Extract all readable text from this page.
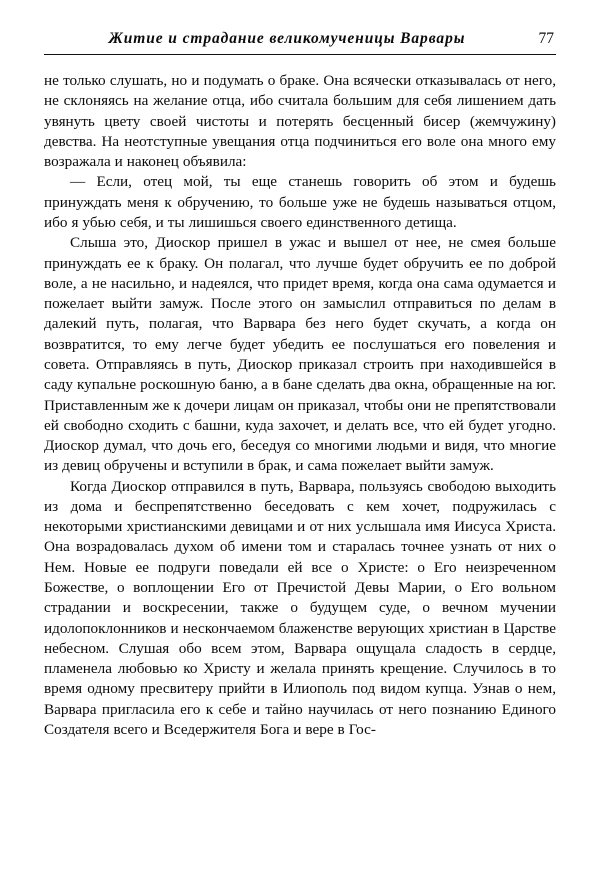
Житие и страдание великомученицы Варвары	77

не только слушать, но и подумать о браке. Она всячески отказывалась от него, не склоняясь на желание отца, ибо считала большим для себя лишением дать увянуть цвету своей чистоты и потерять бесценный бисер (жемчужину) девства. На неотступные увещания отца подчиниться его воле она много ему возражала и наконец объявила:

— Если, отец мой, ты еще станешь говорить об этом и будешь принуждать меня к обручению, то больше уже не будешь называться отцом, ибо я убью себя, и ты лишишься своего единственного детища.

Слыша это, Диоскор пришел в ужас и вышел от нее, не смея больше принуждать ее к браку. Он полагал, что лучше будет обручить ее по доброй воле, а не насильно, и надеялся, что придет время, когда она сама одумается и пожелает выйти замуж. После этого он замыслил отправиться по делам в далекий путь, полагая, что Варвара без него будет скучать, а когда он возвратится, то ему легче будет убедить ее послушаться его повеления и совета. Отправляясь в путь, Диоскор приказал строить при находившейся в саду купальне роскошную баню, а в бане сделать два окна, обращенные на юг. Приставленным же к дочери лицам он приказал, чтобы они не препятствовали ей свободно сходить с башни, куда захочет, и делать все, что ей будет угодно. Диоскор думал, что дочь его, беседуя со многими людьми и видя, что многие из девиц обручены и вступили в брак, и сама пожелает выйти замуж.

Когда Диоскор отправился в путь, Варвара, пользуясь свободою выходить из дома и беспрепятственно беседовать с кем хочет, подружилась с некоторыми христианскими девицами и от них услышала имя Иисуса Христа. Она возрадовалась духом об имени том и старалась точнее узнать от них о Нем. Новые ее подруги поведали ей все о Христе: о Его неизреченном Божестве, о воплощении Его от Пречистой Девы Марии, о Его вольном страдании и воскресении, также о будущем суде, о вечном мучении идолопоклонников и нескончаемом блаженстве верующих христиан в Царстве небесном. Слушая обо всем этом, Варвара ощущала сладость в сердце, пламенела любовью ко Христу и желала принять крещение. Случилось в то время одному пресвитеру прийти в Илиополь под видом купца. Узнав о нем, Варвара пригласила его к себе и тайно научилась от него познанию Единого Создателя всего и Вседержителя Бога и вере в Гос-
